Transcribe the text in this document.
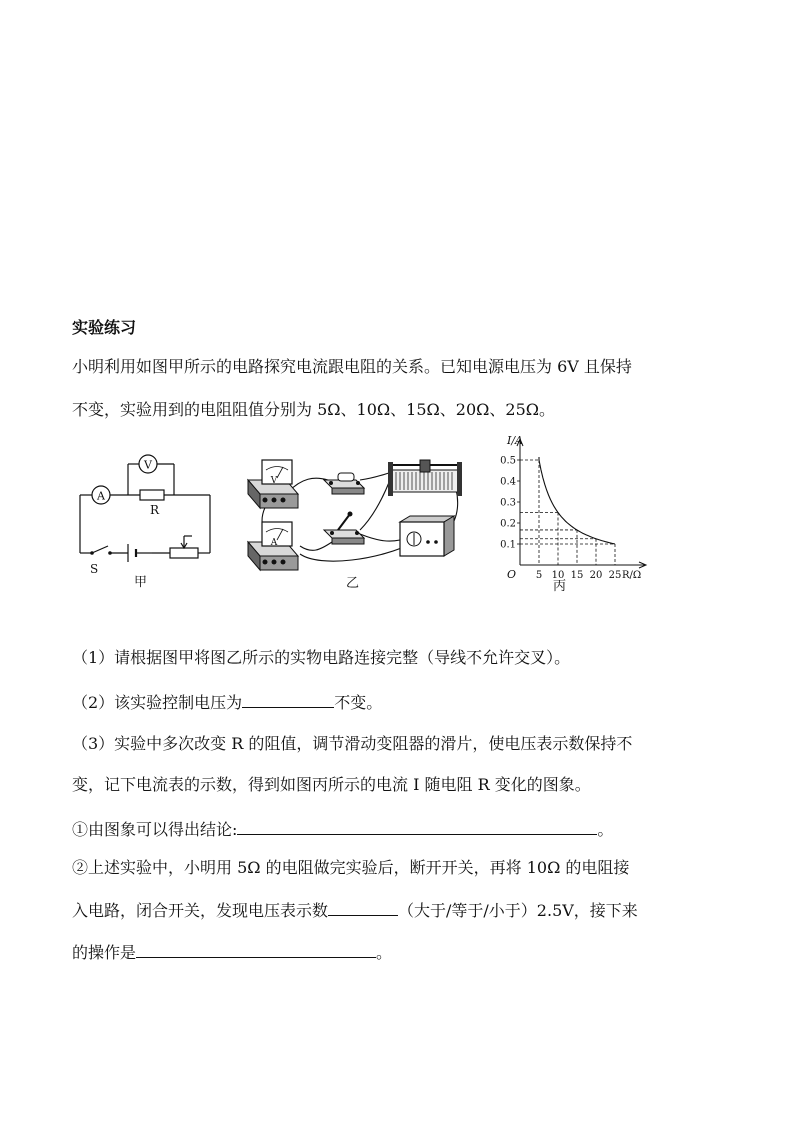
实验练习
小明利用如图甲所示的电路探究电流跟电阻的关系。已知电源电压为 6V 且保持
不变，实验用到的电阻阻值分别为 5Ω、10Ω、15Ω、20Ω、25Ω。
A
V
R
S
甲
V
A
乙
I/A
O
0.1
0.2
0.3
0.4
0.5
5 10 15 20 25 R/Ω
丙
（1）请根据图甲将图乙所示的实物电路连接完整（导线不允许交叉）。
（2）该实验控制电压为	不变。
（3）实验中多次改变 R 的阻值，调节滑动变阻器的滑片，使电压表示数保持不
变，记下电流表的示数，得到如图丙所示的电流 I 随电阻 R 变化的图象。
①由图象可以得出结论:	。
②上述实验中，小明用 5Ω 的电阻做完实验后，断开开关，再将 10Ω 的电阻接
入电路，闭合开关，发现电压表示数	（大于/等于/小于）2.5V，接下来
的操作是	。
